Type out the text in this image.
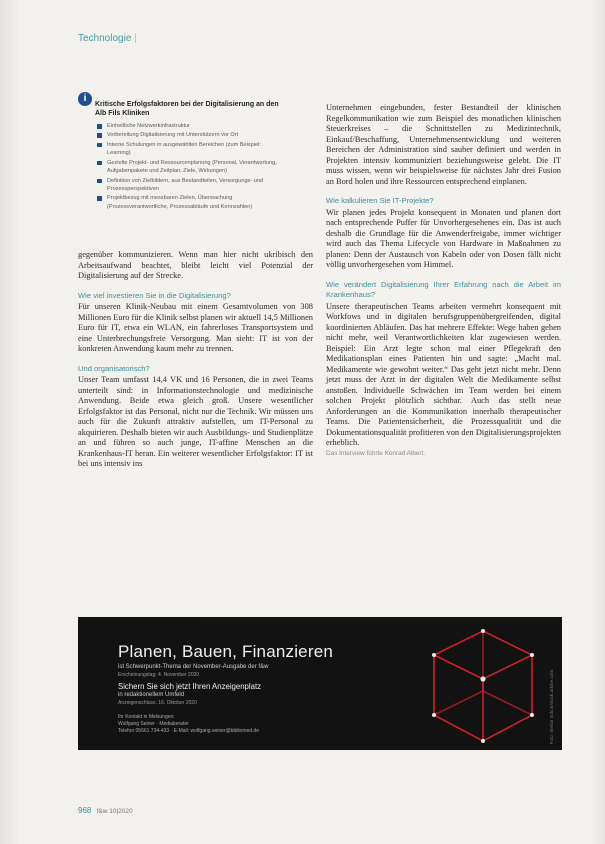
Technologie |
i
Kritische Erfolgsfaktoren bei der Digitalisierung an den Alb Fils Kliniken
Einheitliche Netzwerkinfrastruktur
Vorbereitung Digitalisierung mit Unterstützern vor Ort
Interne Schulungen in ausgewählten Bereichen (zum Beispiel: Learning)
Gezielte Projekt- und Ressourcenplanung (Personal, Verantwortung, Aufgabenpakete und Zeitplan, Ziele, Wirkungen)
Definition von Zielbildern, aus Bestandteilen, Versorgungs- und Prozessperspektiven
Projektbezug mit messbaren Zielen, Überwachung (Prozessverantwortliche, Prozessabläufe und Kennzahlen)

gegenüber kommunizieren. Wenn man hier nicht ukribisch den Arbeitsaufwand beachtet, bleibt leicht viel Potenzial der Digitalisierung auf der Strecke.

Wie viel investieren Sie in die Digitalisierung?

Für unseren Klinik-Neubau mit einem Gesamtvolumen von 308 Millionen Euro für die Klinik selbst planen wir aktuell 14,5 Millionen Euro für IT, etwa ein WLAN, ein fahrerloses Transportsystem und eine Unterbrechungsfreie Versorgung. Man sieht: IT ist von der konkreten Anwendung kaum mehr zu trennen.

Und organisatorisch?

Unser Team umfasst 14,4 VK und 16 Personen, die in zwei Teams unterteilt sind: in Informationstechnologie und medizinische Anwendung. Beide etwa gleich groß. Unsere wesentlicher Erfolgsfaktor ist das Personal, nicht nur die Technik. Wir müssen uns auch für die Zukunft attraktiv aufstellen, um IT-Personal zu akquirieren. Deshalb bieten wir auch Ausbildungs- und Studienplätze an und führen so auch junge, IT-affine Menschen an die Krankenhaus-IT heran. Ein weiterer wesentlicher Erfolgsfaktor: IT ist bei uns intensiv ins

Unternehmen eingebunden, fester Bestandteil der klinischen Regelkommunikation wie zum Beispiel des monatlichen klinischen Steuerkreises – die Schnittstellen zu Medizintechnik, Einkauf/Beschaffung, Unternehmensentwicklung und weiteren Bereichen der Administration sind sauber definiert und werden in Projekten intensiv kommuniziert beziehungsweise gelebt. Die IT muss wissen, wenn wir beispielsweise für nächstes Jahr drei Fusion an Bord holen und ihre Ressourcen entsprechend einplanen.

Wie kalkulieren Sie IT-Projekte?

Wir planen jedes Projekt konsequent in Monaten und planen dort nach entsprechende Puffer für Unvorhergesehenes ein. Das ist auch deshalb die Grundlage für die Anwenderfreigabe, immer wichtiger wird auch das Thema Lifecycle von Hardware in Maßnahmen zu planen: Denn der Austausch von Kabeln oder von Dosen fällt nicht völlig unvorhergesehen vom Himmel.

Wie verändert Digitalisierung Ihrer Erfahrung nach die Arbeit im Krankenhaus?

Unsere therapeutischen Teams arbeiten vermehrt konsequent mit Workfows und in digitalen berufsgruppenübergreifenden, digital koordinierten Abläufen. Das hat mehrere Effekte: Wege haben gehen nicht mehr, weil Verantwortlichkeiten klar zugewiesen werden. Beispiel: Ein Arzt legte schon mal einer Pflegekraft den Medikationsplan eines Patienten hin und sagte: „Macht mal. Medikamente wie gewohnt weiter.“ Das geht jetzt nicht mehr. Denn jetzt muss der Arzt in der digitalen Welt die Medikamente selbst anstoßen. Individuelle Schwächen im Team werden bei einem solchen Projekt plötzlich sichtbar. Auch das stellt neue Anforderungen an die Kommunikation innerhalb therapeutischer Teams. Die Patientensicherheit, die Prozessqualität und die Dokumentationsqualität profitieren von den Digitalisierungsprojekten erheblich.

Das Interview führte Konrad Albert.

Planen, Bauen, Finanzieren
ist Schwerpunkt-Thema der November-Ausgabe der f&w
Erscheinungstag: 4. November 2020
Sichern Sie sich jetzt Ihren Anzeigenplatz
in redaktionellem Umfeld
Anzeigenschluss: 16. Oktober 2020
Ihr Kontakt in Melsungen:
Wolfgang Seiner · Mediaberater
Telefon 05661 734-433 · E-Mail: wolfgang.seiner@bibliomed.de	Foto: Stefan Schurr/stock.adobe.com
968 f&w 10|2020
